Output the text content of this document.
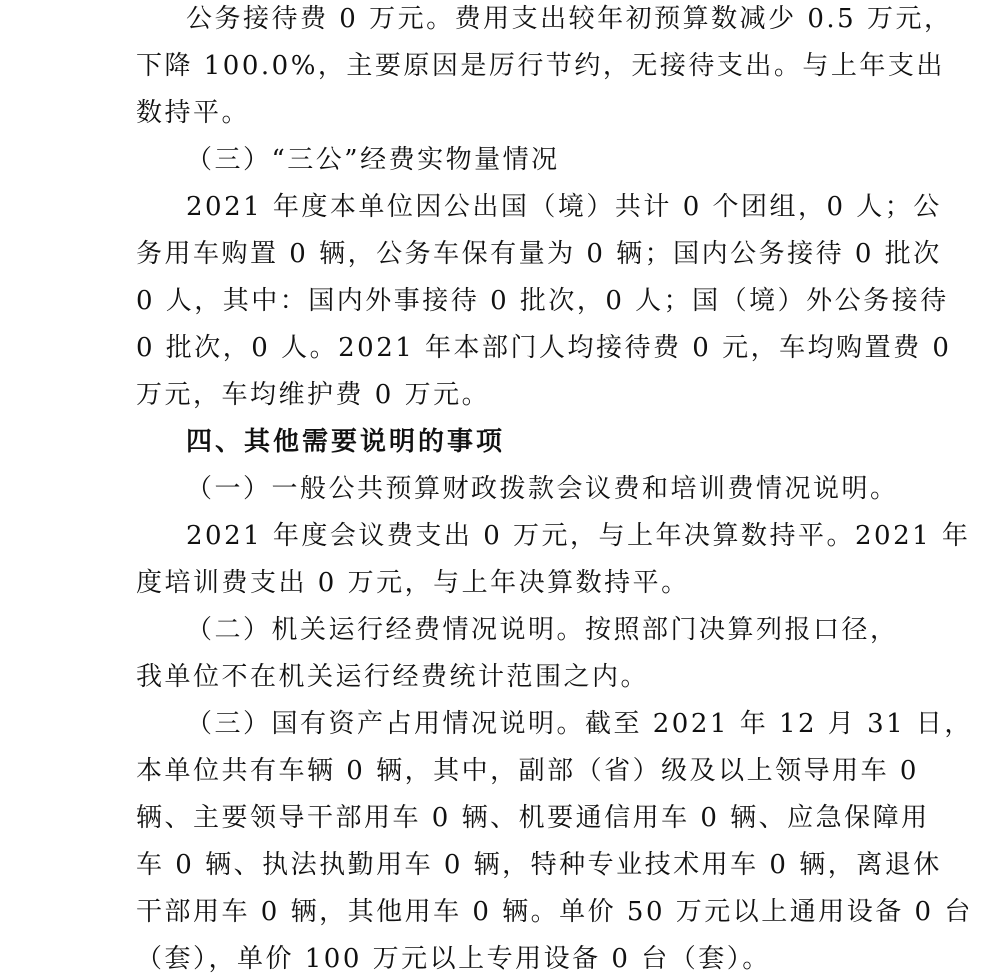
公务接待费 0 万元。费用支出较年初预算数减少 0.5 万元，
下降 100.0%，主要原因是厉行节约，无接待支出。与上年支出
数持平。
（三）“三公”经费实物量情况
2021 年度本单位因公出国（境）共计 0 个团组，0 人；公
务用车购置 0 辆，公务车保有量为 0 辆；国内公务接待 0 批次
0 人，其中：国内外事接待 0 批次，0 人；国（境）外公务接待
0 批次，0 人。2021 年本部门人均接待费 0 元，车均购置费 0
万元，车均维护费 0 万元。
四、其他需要说明的事项
（一）一般公共预算财政拨款会议费和培训费情况说明。
2021 年度会议费支出 0 万元，与上年决算数持平。2021 年
度培训费支出 0 万元，与上年决算数持平。
（二）机关运行经费情况说明。按照部门决算列报口径，
我单位不在机关运行经费统计范围之内。
（三）国有资产占用情况说明。截至 2021 年 12 月 31 日，
本单位共有车辆 0 辆，其中，副部（省）级及以上领导用车 0
辆、主要领导干部用车 0 辆、机要通信用车 0 辆、应急保障用
车 0 辆、执法执勤用车 0 辆，特种专业技术用车 0 辆，离退休
干部用车 0 辆，其他用车 0 辆。单价 50 万元以上通用设备 0 台
（套），单价 100 万元以上专用设备 0 台（套）。
